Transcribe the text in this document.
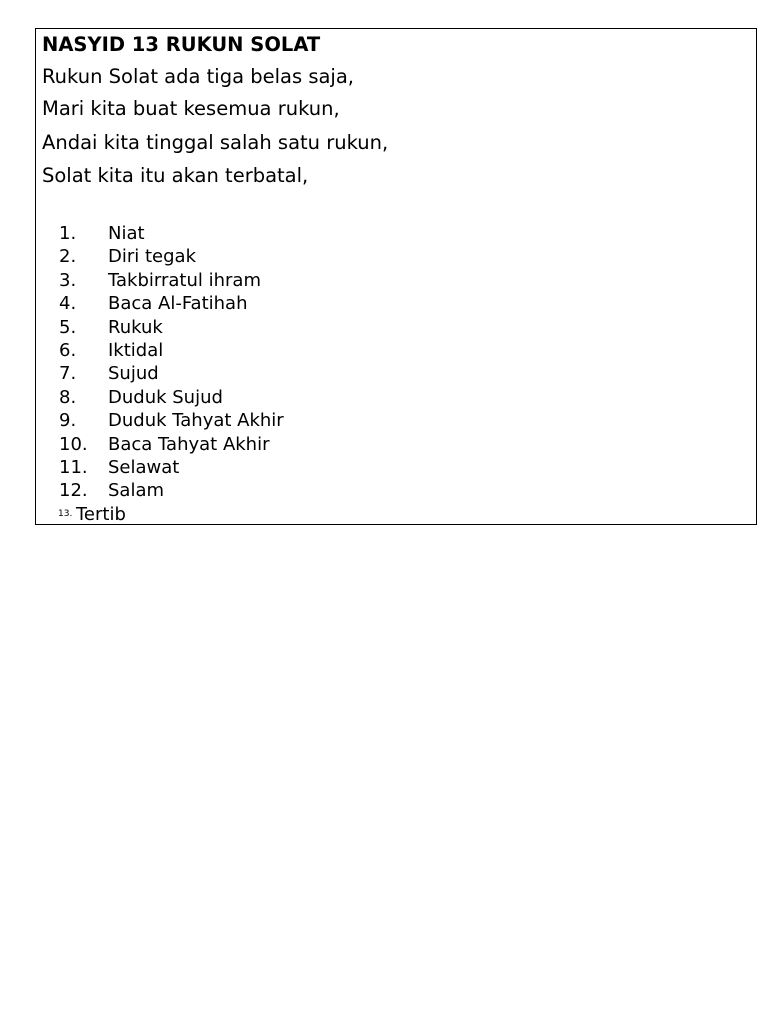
NASYID 13 RUKUN SOLAT
Rukun Solat ada tiga belas saja,
Mari kita buat kesemua rukun,
Andai kita tinggal salah satu rukun,
Solat kita itu akan terbatal,
1. Niat
2. Diri tegak
3. Takbirratul ihram
4. Baca Al-Fatihah
5. Rukuk
6. Iktidal
7. Sujud
8. Duduk Sujud
9. Duduk Tahyat Akhir
10. Baca Tahyat Akhir
11. Selawat
12. Salam
13. Tertib
